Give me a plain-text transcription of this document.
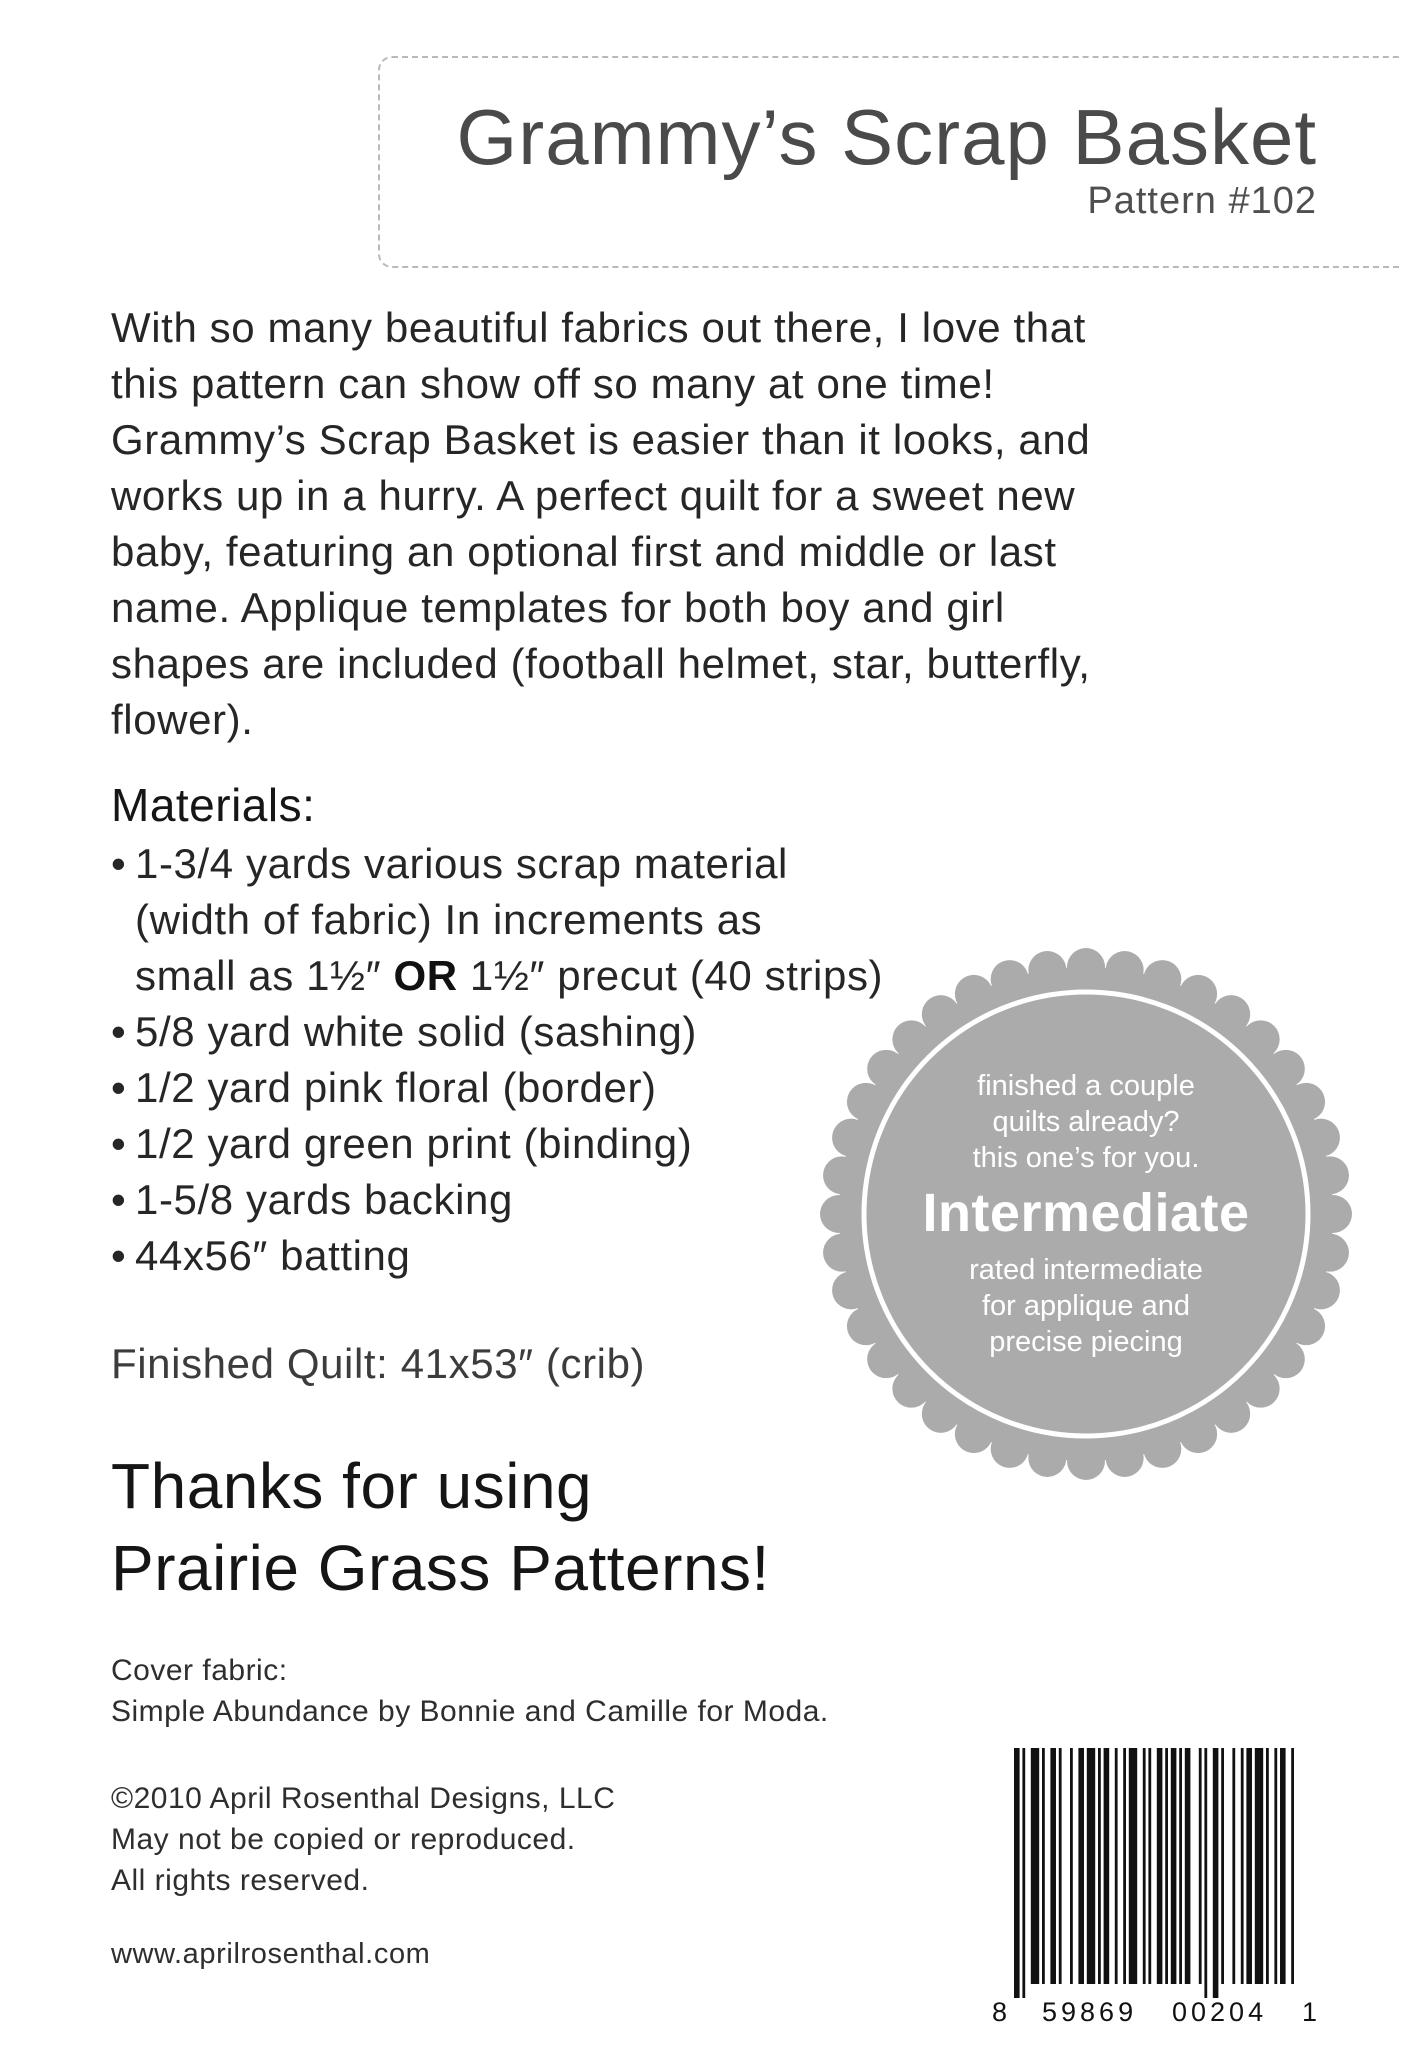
Grammy’s Scrap Basket
Pattern #102

With so many beautiful fabrics out there, I love that
this pattern can show off so many at one time!
Grammy’s Scrap Basket is easier than it looks, and
works up in a hurry. A perfect quilt for a sweet new
baby, featuring an optional first and middle or last
name. Applique templates for both boy and girl
shapes are included (football helmet, star, butterfly,
flower).

Materials:
• 1-3/4 yards various scrap material
(width of fabric) In increments as
small as 1½″ OR 1½″ precut (40 strips)
• 5/8 yard white solid (sashing)
• 1/2 yard pink floral (border)
• 1/2 yard green print (binding)
• 1-5/8 yards backing
• 44x56″ batting
Finished Quilt: 41x53″ (crib)
Thanks for using
Prairie Grass Patterns!
Cover fabric:
Simple Abundance by Bonnie and Camille for Moda.
©2010 April Rosenthal Designs, LLC
May not be copied or reproduced.
All rights reserved.
www.aprilrosenthal.com
finished a couple
quilts already?
this one’s for you.
Intermediate
rated intermediate
for applique and
precise piecing
8 59869 00204 1
